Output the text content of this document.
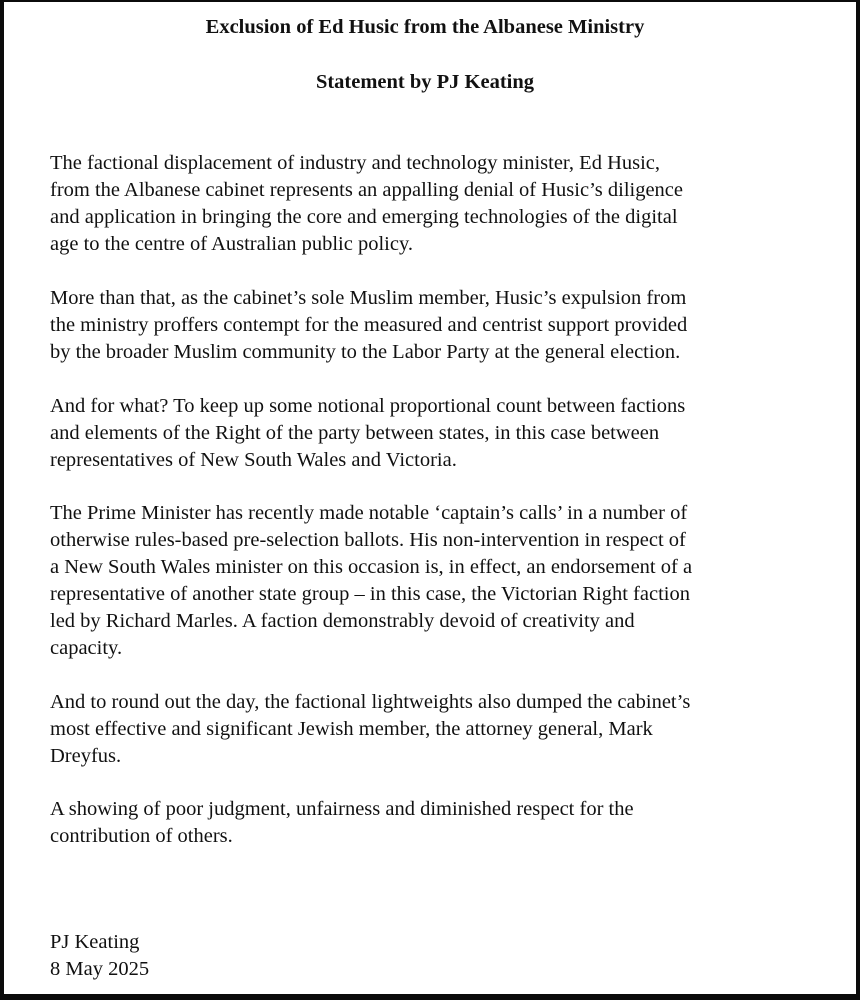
Exclusion of Ed Husic from the Albanese Ministry
Statement by PJ Keating

The factional displacement of industry and technology minister, Ed Husic,
from the Albanese cabinet represents an appalling denial of Husic’s diligence
and application in bringing the core and emerging technologies of the digital
age to the centre of Australian public policy.

More than that, as the cabinet’s sole Muslim member, Husic’s expulsion from
the ministry proffers contempt for the measured and centrist support provided
by the broader Muslim community to the Labor Party at the general election.

And for what? To keep up some notional proportional count between factions
and elements of the Right of the party between states, in this case between
representatives of New South Wales and Victoria.

The Prime Minister has recently made notable ‘captain’s calls’ in a number of
otherwise rules-based pre-selection ballots. His non-intervention in respect of
a New South Wales minister on this occasion is, in effect, an endorsement of a
representative of another state group – in this case, the Victorian Right faction
led by Richard Marles. A faction demonstrably devoid of creativity and
capacity.

And to round out the day, the factional lightweights also dumped the cabinet’s
most effective and significant Jewish member, the attorney general, Mark
Dreyfus.

A showing of poor judgment, unfairness and diminished respect for the
contribution of others.

PJ Keating
8 May 2025
